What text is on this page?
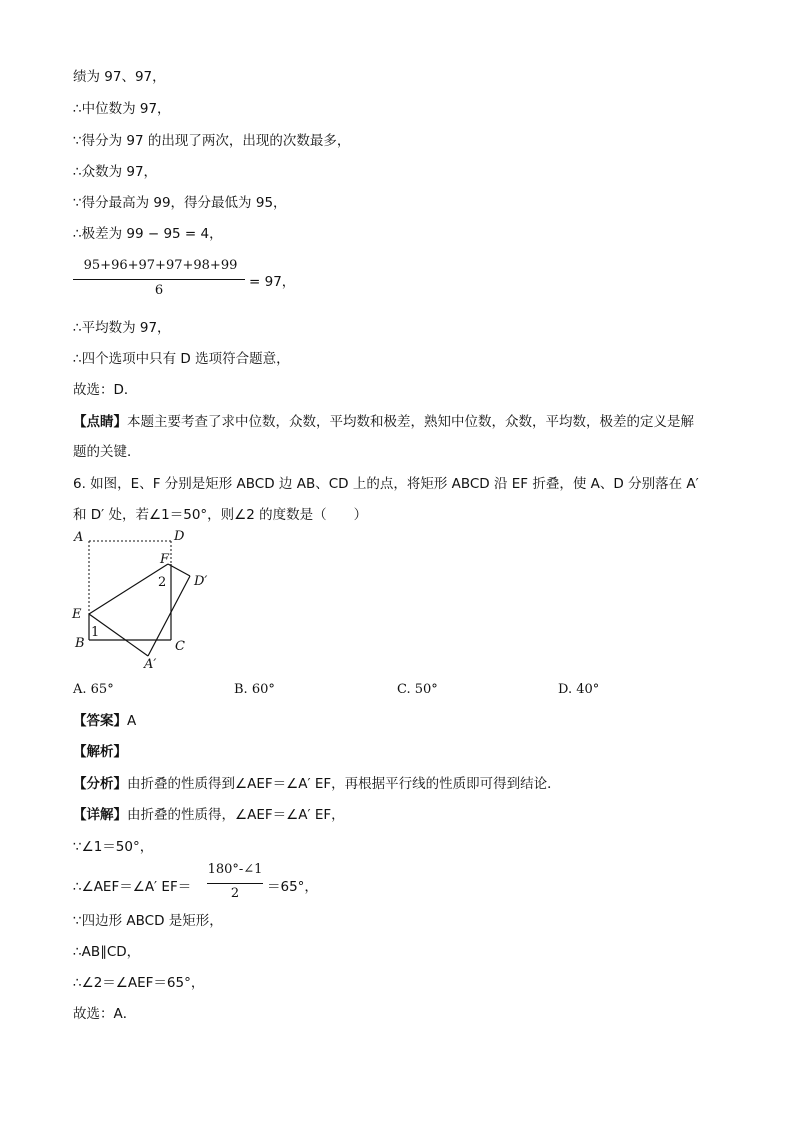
绩为 97、97，
∴中位数为 97，
∵得分为 97 的出现了两次，出现的次数最多，
∴众数为 97，
∵得分最高为 99，得分最低为 95，
∴极差为 99 − 95 = 4，
95+96+97+97+98+99
6
= 97，
∴平均数为 97，
∴四个选项中只有 D 选项符合题意，
故选：D．
【点睛】本题主要考查了求中位数，众数，平均数和极差，熟知中位数，众数，平均数，极差的定义是解
题的关键．
6. 如图，E、F 分别是矩形 ABCD 边 AB、CD 上的点，将矩形 ABCD 沿 EF 折叠，使 A、D 分别落在 A′
和 D′ 处，若∠1＝50°，则∠2 的度数是（　　）
A	D
F
2 D′
E
1
B	C
A′
A. 65°	B. 60°	C. 50°	D. 40°
【答案】A
【解析】
【分析】由折叠的性质得到∠AEF＝∠A′ EF，再根据平行线的性质即可得到结论．
【详解】由折叠的性质得，∠AEF＝∠A′ EF，
∵∠1＝50°，
∴∠AEF＝∠A′ EF＝
180°-∠1
2	＝65°，
∵四边形 ABCD 是矩形，
∴AB∥CD，
∴∠2＝∠AEF＝65°，
故选：A．
